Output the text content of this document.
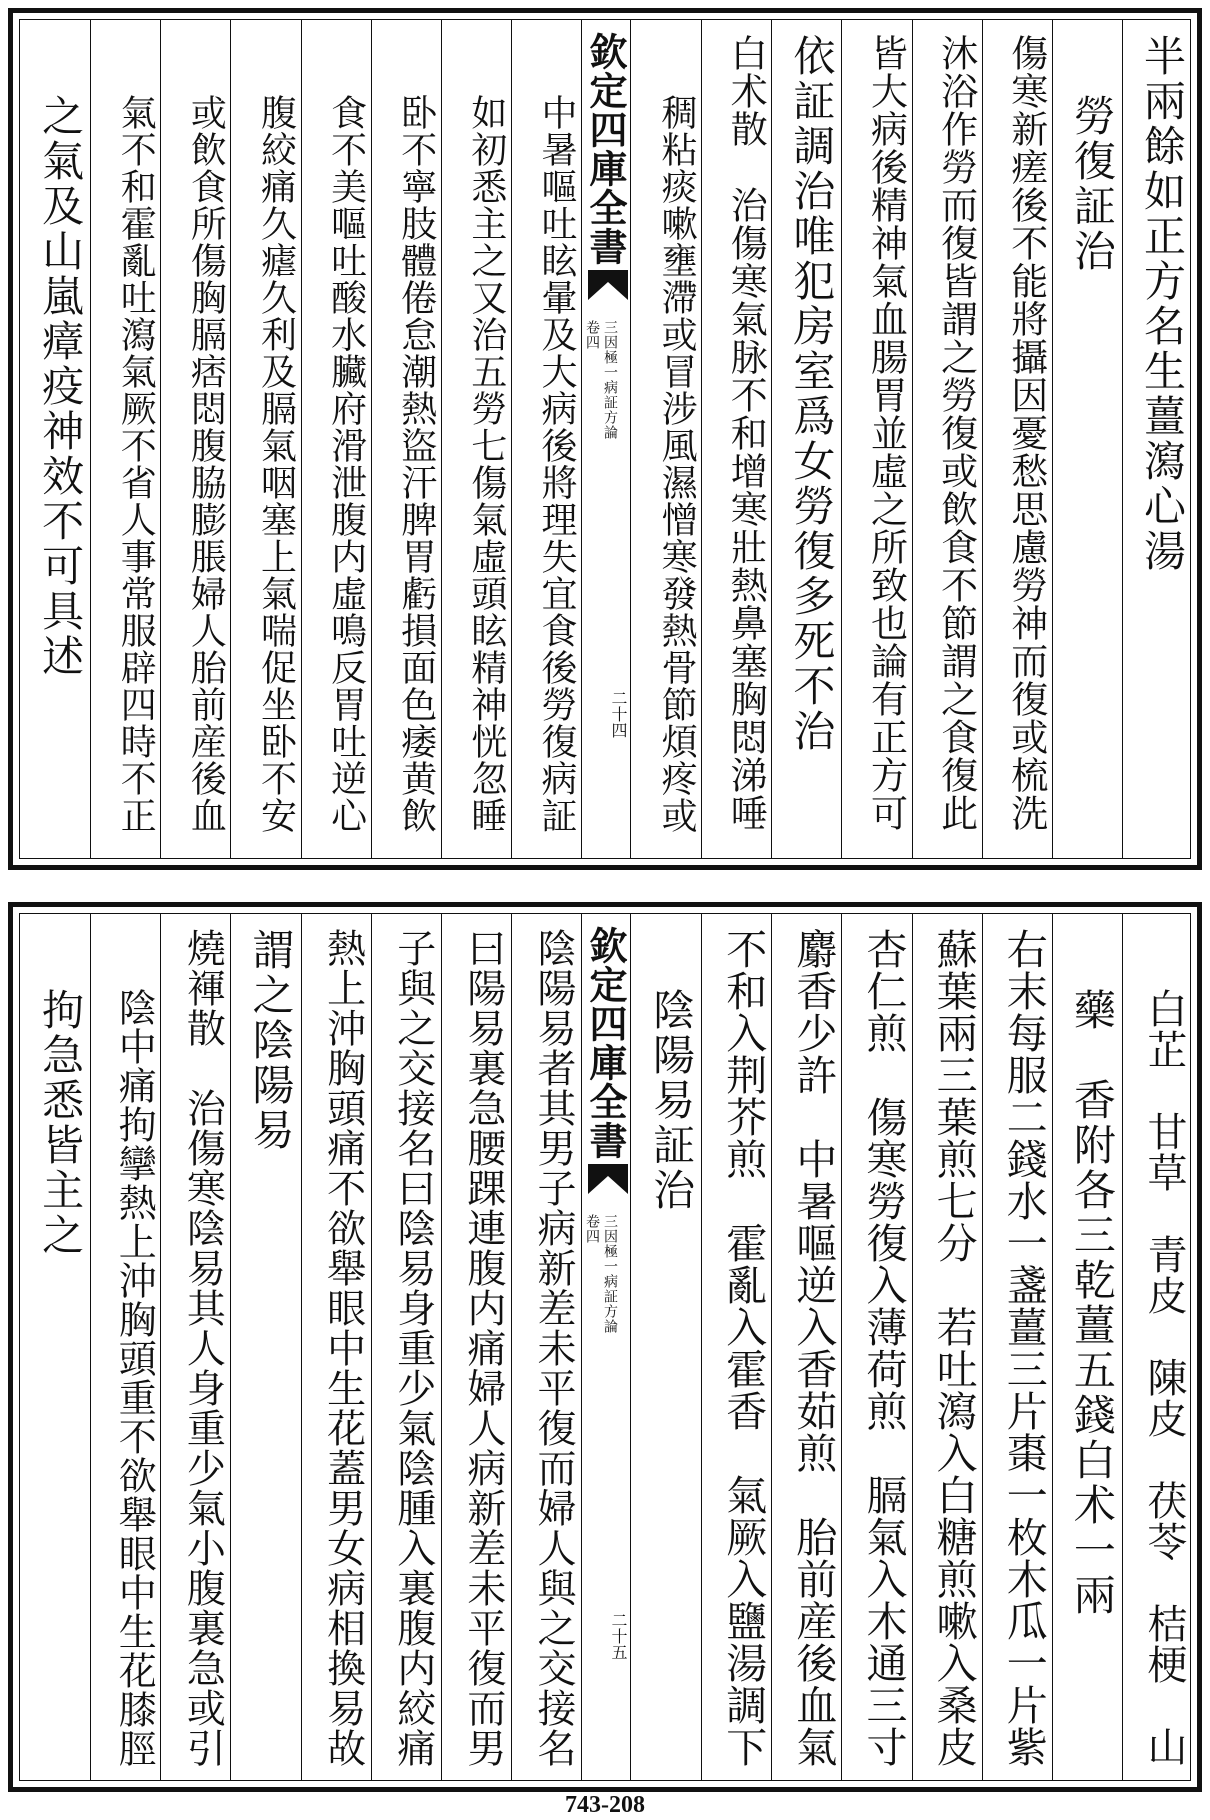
半兩餘如正方名生薑瀉心湯
勞復証治
傷寒新瘥後不能將攝因憂愁思慮勞神而復或梳洗
沐浴作勞而復皆謂之勞復或飲食不節謂之食復此
皆大病後精神氣血腸胃並虛之所致也論有正方可
依証調治唯犯房室爲女勞復多死不治
白术散　治傷寒氣脉不和增寒壯熱鼻塞胸悶涕唾
稠粘痰嗽壅滯或冒涉風濕憎寒發熱骨節煩疼或
欽定四庫全書
三因極一病証方論
卷四
二十四
中暑嘔吐眩暈及大病後將理失宜食後勞復病証
如初悉主之又治五勞七傷氣虛頭眩精神恍忽睡
卧不寧肢體倦怠潮熱盜汗脾胃虧損面色痿黄飲
食不美嘔吐酸水臟府滑泄腹内虛鳴反胃吐逆心
腹絞痛久瘧久利及膈氣咽塞上氣喘促坐卧不安
或飲食所傷胸膈痞悶腹脇膨脹婦人胎前産後血
氣不和霍亂吐瀉氣厥不省人事常服辟四時不正
之氣及山嵐瘴疫神效不可具述
白芷　甘草　青皮　陳皮　茯苓　桔梗　山
藥　香附各三乾薑五錢白术一兩
右末每服二錢水一盞薑三片棗一枚木瓜一片紫
蘇葉兩三葉煎七分　若吐瀉入白糖煎嗽入桑皮
杏仁煎　傷寒勞復入薄荷煎　膈氣入木通三寸
麝香少許　中暑嘔逆入香茹煎　胎前産後血氣
不和入荆芥煎　霍亂入霍香　氣厥入鹽湯調下
陰陽易証治
欽定四庫全書
三因極一病証方論
卷四
二十五
陰陽易者其男子病新差未平復而婦人與之交接名
曰陽易裏急腰踝連腹内痛婦人病新差未平復而男
子與之交接名曰陰易身重少氣陰腫入裏腹内絞痛
熱上沖胸頭痛不欲舉眼中生花蓋男女病相換易故
謂之陰陽易
燒褌散　治傷寒陰易其人身重少氣小腹裏急或引
陰中痛拘攣熱上沖胸頭重不欲舉眼中生花膝脛
拘急悉皆主之
743-208
